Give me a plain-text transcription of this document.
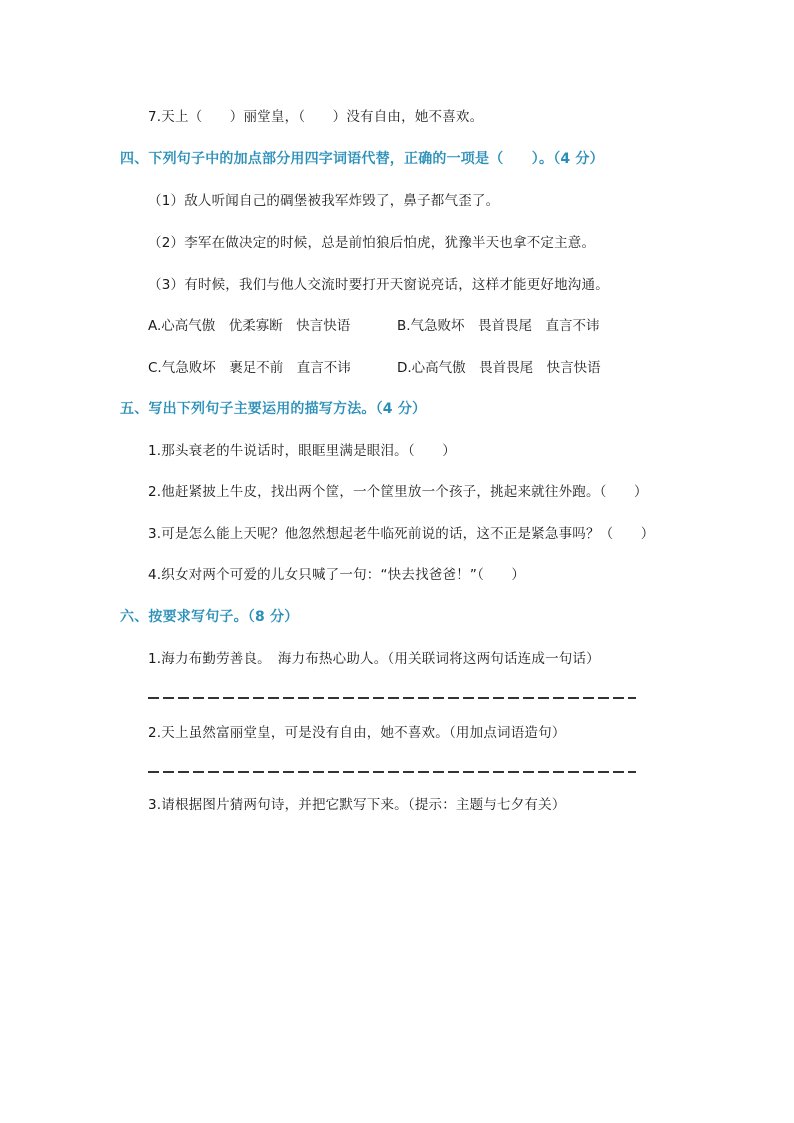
7.天上（　　）丽堂皇，（　　）没有自由，她不喜欢。
四、下列句子中的加点部分用四字词语代替，正确的一项是（　　）。（4 分）
（1）敌人听闻自己的碉堡被我军炸毁了，鼻子都气歪了。
（2）李军在做决定的时候，总是前怕狼后怕虎，犹豫半天也拿不定主意。
（3）有时候，我们与他人交流时要打开天窗说亮话，这样才能更好地沟通。
A.心高气傲　优柔寡断　快言快语	B.气急败坏　畏首畏尾　直言不讳
C.气急败坏　裹足不前　直言不讳	D.心高气傲　畏首畏尾　快言快语
五、写出下列句子主要运用的描写方法。（4 分）
1.那头衰老的牛说话时，眼眶里满是眼泪。（　　）
2.他赶紧披上牛皮，找出两个筐，一个筐里放一个孩子，挑起来就往外跑。（　　）
3.可是怎么能上天呢？他忽然想起老牛临死前说的话，这不正是紧急事吗？（　　）
4.织女对两个可爱的儿女只喊了一句：“快去找爸爸！”（　　）
六、按要求写句子。（8 分）
1.海力布勤劳善良。　海力布热心助人。（用关联词将这两句话连成一句话）
2.天上虽然富丽堂皇，可是没有自由，她不喜欢。（用加点词语造句）
3.请根据图片猜两句诗，并把它默写下来。（提示：主题与七夕有关）
